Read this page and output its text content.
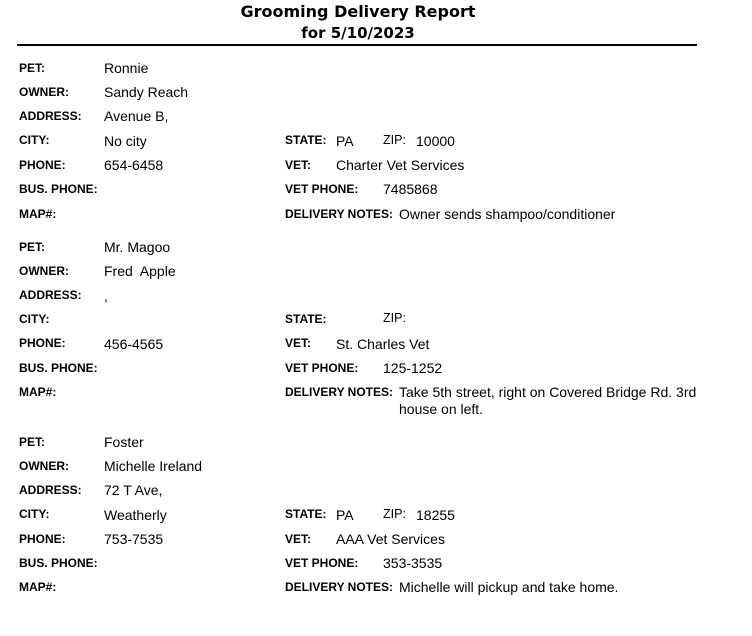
Grooming Delivery Report
for 5/10/2023
PET:	Ronnie
OWNER:	Sandy Reach
ADDRESS: Avenue B,
CITY:	No city	STATE: PA ZIP: 10000
PHONE:	654-6458	VET: Charter Vet Services
BUS. PHONE:	VET PHONE: 7485868
MAP#:	DELIVERY NOTES: Owner sends shampoo/conditioner
PET:	Mr. Magoo
OWNER:	Fred  Apple
ADDRESS: ,
CITY:	STATE:	ZIP:
PHONE:	456-4565	VET: St. Charles Vet
BUS. PHONE:	VET PHONE: 125-1252
MAP#:	DELIVERY NOTES: Take 5th street, right on Covered Bridge Rd. 3rd house on left.
PET:	Foster
OWNER:	Michelle Ireland
ADDRESS: 72 T Ave,
CITY:	Weatherly	STATE: PA ZIP: 18255
PHONE:	753-7535	VET: AAA Vet Services
BUS. PHONE:	VET PHONE: 353-3535
MAP#:	DELIVERY NOTES: Michelle will pickup and take home.
